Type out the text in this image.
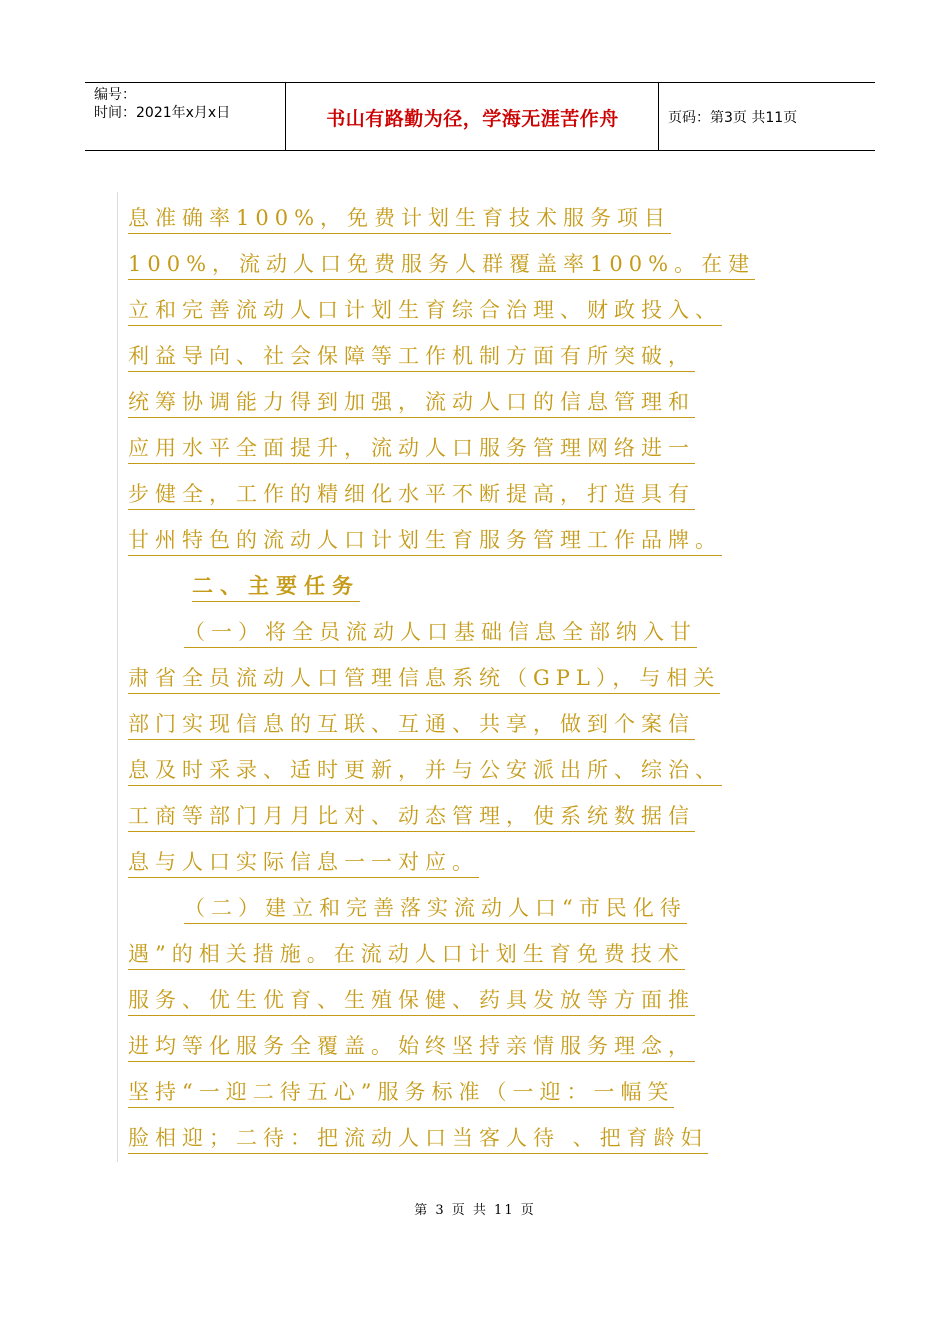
编号：
时间：2021年x月x日	书山有路勤为径，学海无涯苦作舟	页码：第3页 共11页
息准确率100%，免费计划生育技术服务项目
100%，流动人口免费服务人群覆盖率100%。在建
立和完善流动人口计划生育综合治理、财政投入、
利益导向、社会保障等工作机制方面有所突破，
统筹协调能力得到加强，流动人口的信息管理和
应用水平全面提升，流动人口服务管理网络进一
步健全，工作的精细化水平不断提高，打造具有
甘州特色的流动人口计划生育服务管理工作品牌。
二、主要任务
（一）将全员流动人口基础信息全部纳入甘
肃省全员流动人口管理信息系统（GPL），与相关
部门实现信息的互联、互通、共享，做到个案信
息及时采录、适时更新，并与公安派出所、综治、
工商等部门月月比对、动态管理，使系统数据信
息与人口实际信息一一对应。
（二）建立和完善落实流动人口“市民化待
遇”的相关措施。在流动人口计划生育免费技术
服务、优生优育、生殖保健、药具发放等方面推
进均等化服务全覆盖。始终坚持亲情服务理念，
坚持“一迎二待五心”服务标准（一迎：一幅笑
脸相迎；二待：把流动人口当客人待 、把育龄妇
第 3 页 共 11 页
